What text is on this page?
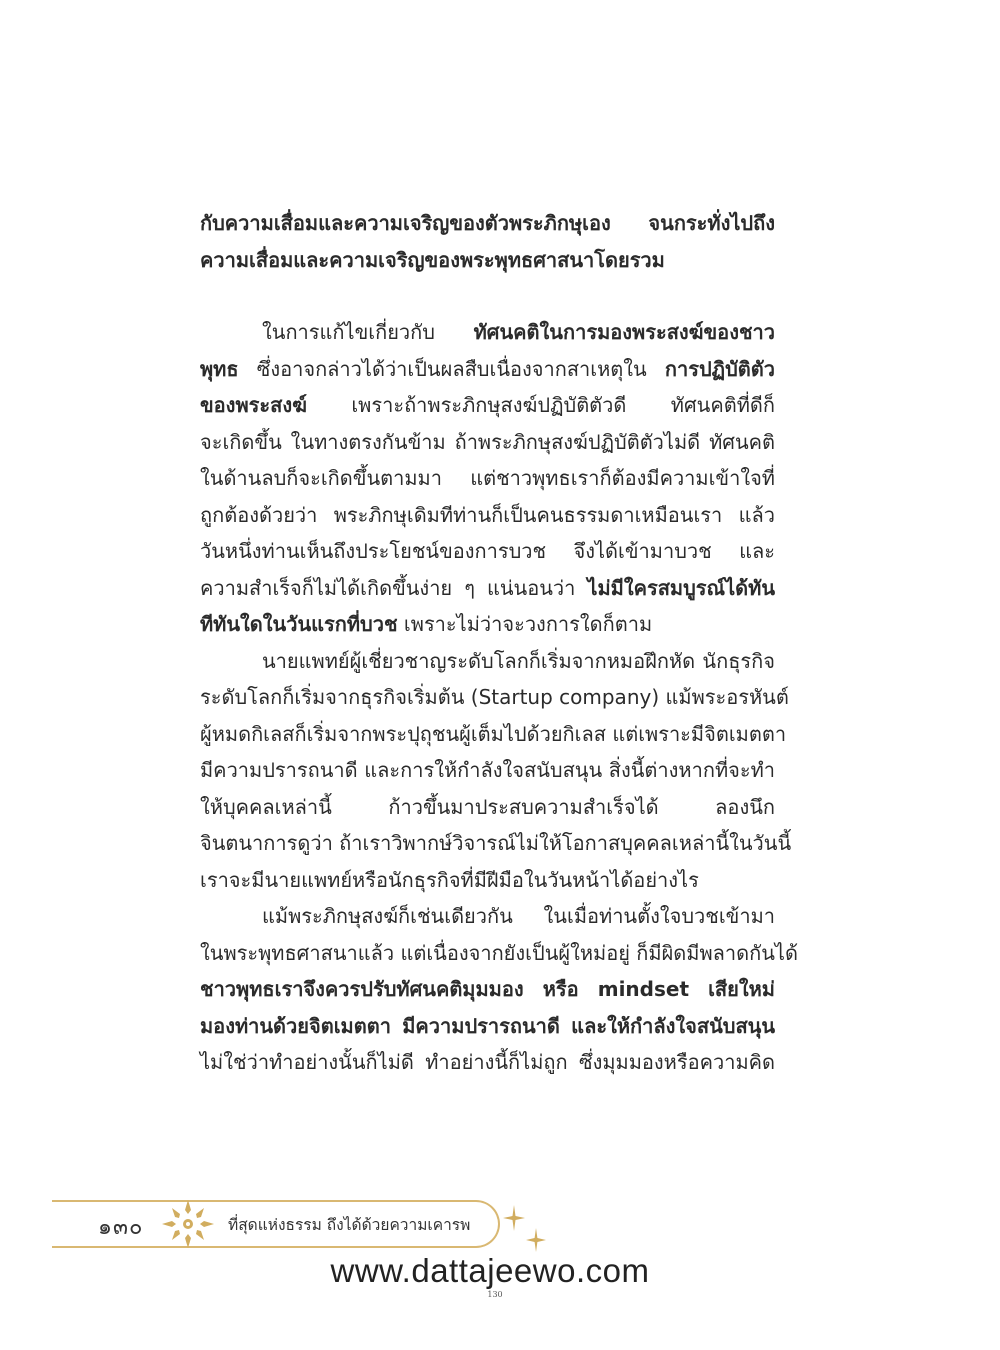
กับความเสื่อมและความเจริญของตัวพระภิกษุเอง จนกระทั่งไปถึง
ความเสื่อมและความเจริญของพระพุทธศาสนาโดยรวม
ในการแก้ไขเกี่ยวกับ ทัศนคติในการมองพระสงฆ์ของชาว
พุทธ ซึ่งอาจกล่าวได้ว่าเป็นผลสืบเนื่องจากสาเหตุใน การปฏิบัติตัว
ของพระสงฆ์ เพราะถ้าพระภิกษุสงฆ์ปฏิบัติตัวดี ทัศนคติที่ดีก็
จะเกิดขึ้น ในทางตรงกันข้าม ถ้าพระภิกษุสงฆ์ปฏิบัติตัวไม่ดี ทัศนคติ
ในด้านลบก็จะเกิดขึ้นตามมา แต่ชาวพุทธเราก็ต้องมีความเข้าใจที่
ถูกต้องด้วยว่า พระภิกษุเดิมทีท่านก็เป็นคนธรรมดาเหมือนเรา แล้ว
วันหนึ่งท่านเห็นถึงประโยชน์ของการบวช จึงได้เข้ามาบวช และ
ความสำเร็จก็ไม่ได้เกิดขึ้นง่าย ๆ แน่นอนว่า ไม่มีใครสมบูรณ์ได้ทัน
ทีทันใดในวันแรกที่บวช เพราะไม่ว่าจะวงการใดก็ตาม
นายแพทย์ผู้เชี่ยวชาญระดับโลกก็เริ่มจากหมอฝึกหัด นักธุรกิจ
ระดับโลกก็เริ่มจากธุรกิจเริ่มต้น (Startup company) แม้พระอรหันต์
ผู้หมดกิเลสก็เริ่มจากพระปุถุชนผู้เต็มไปด้วยกิเลส แต่เพราะมีจิตเมตตา
มีความปรารถนาดี และการให้กำลังใจสนับสนุน สิ่งนี้ต่างหากที่จะทำ
ให้บุคคลเหล่านี้ ก้าวขึ้นมาประสบความสำเร็จได้ ลองนึก
จินตนาการดูว่า ถ้าเราวิพากษ์วิจารณ์ไม่ให้โอกาสบุคคลเหล่านี้ในวันนี้
เราจะมีนายแพทย์หรือนักธุรกิจที่มีฝีมือในวันหน้าได้อย่างไร
แม้พระภิกษุสงฆ์ก็เช่นเดียวกัน ในเมื่อท่านตั้งใจบวชเข้ามา
ในพระพุทธศาสนาแล้ว แต่เนื่องจากยังเป็นผู้ใหม่อยู่ ก็มีผิดมีพลาดกันได้
ชาวพุทธเราจึงควรปรับทัศนคติมุมมอง หรือ mindset เสียใหม่
มองท่านด้วยจิตเมตตา มีความปรารถนาดี และให้กำลังใจสนับสนุน
ไม่ใช่ว่าทำอย่างนั้นก็ไม่ดี ทำอย่างนี้ก็ไม่ถูก ซึ่งมุมมองหรือความคิด
๑๓๐	ที่สุดแห่งธรรม ถึงได้ด้วยความเคารพ
www.dattajeewo.com
130
